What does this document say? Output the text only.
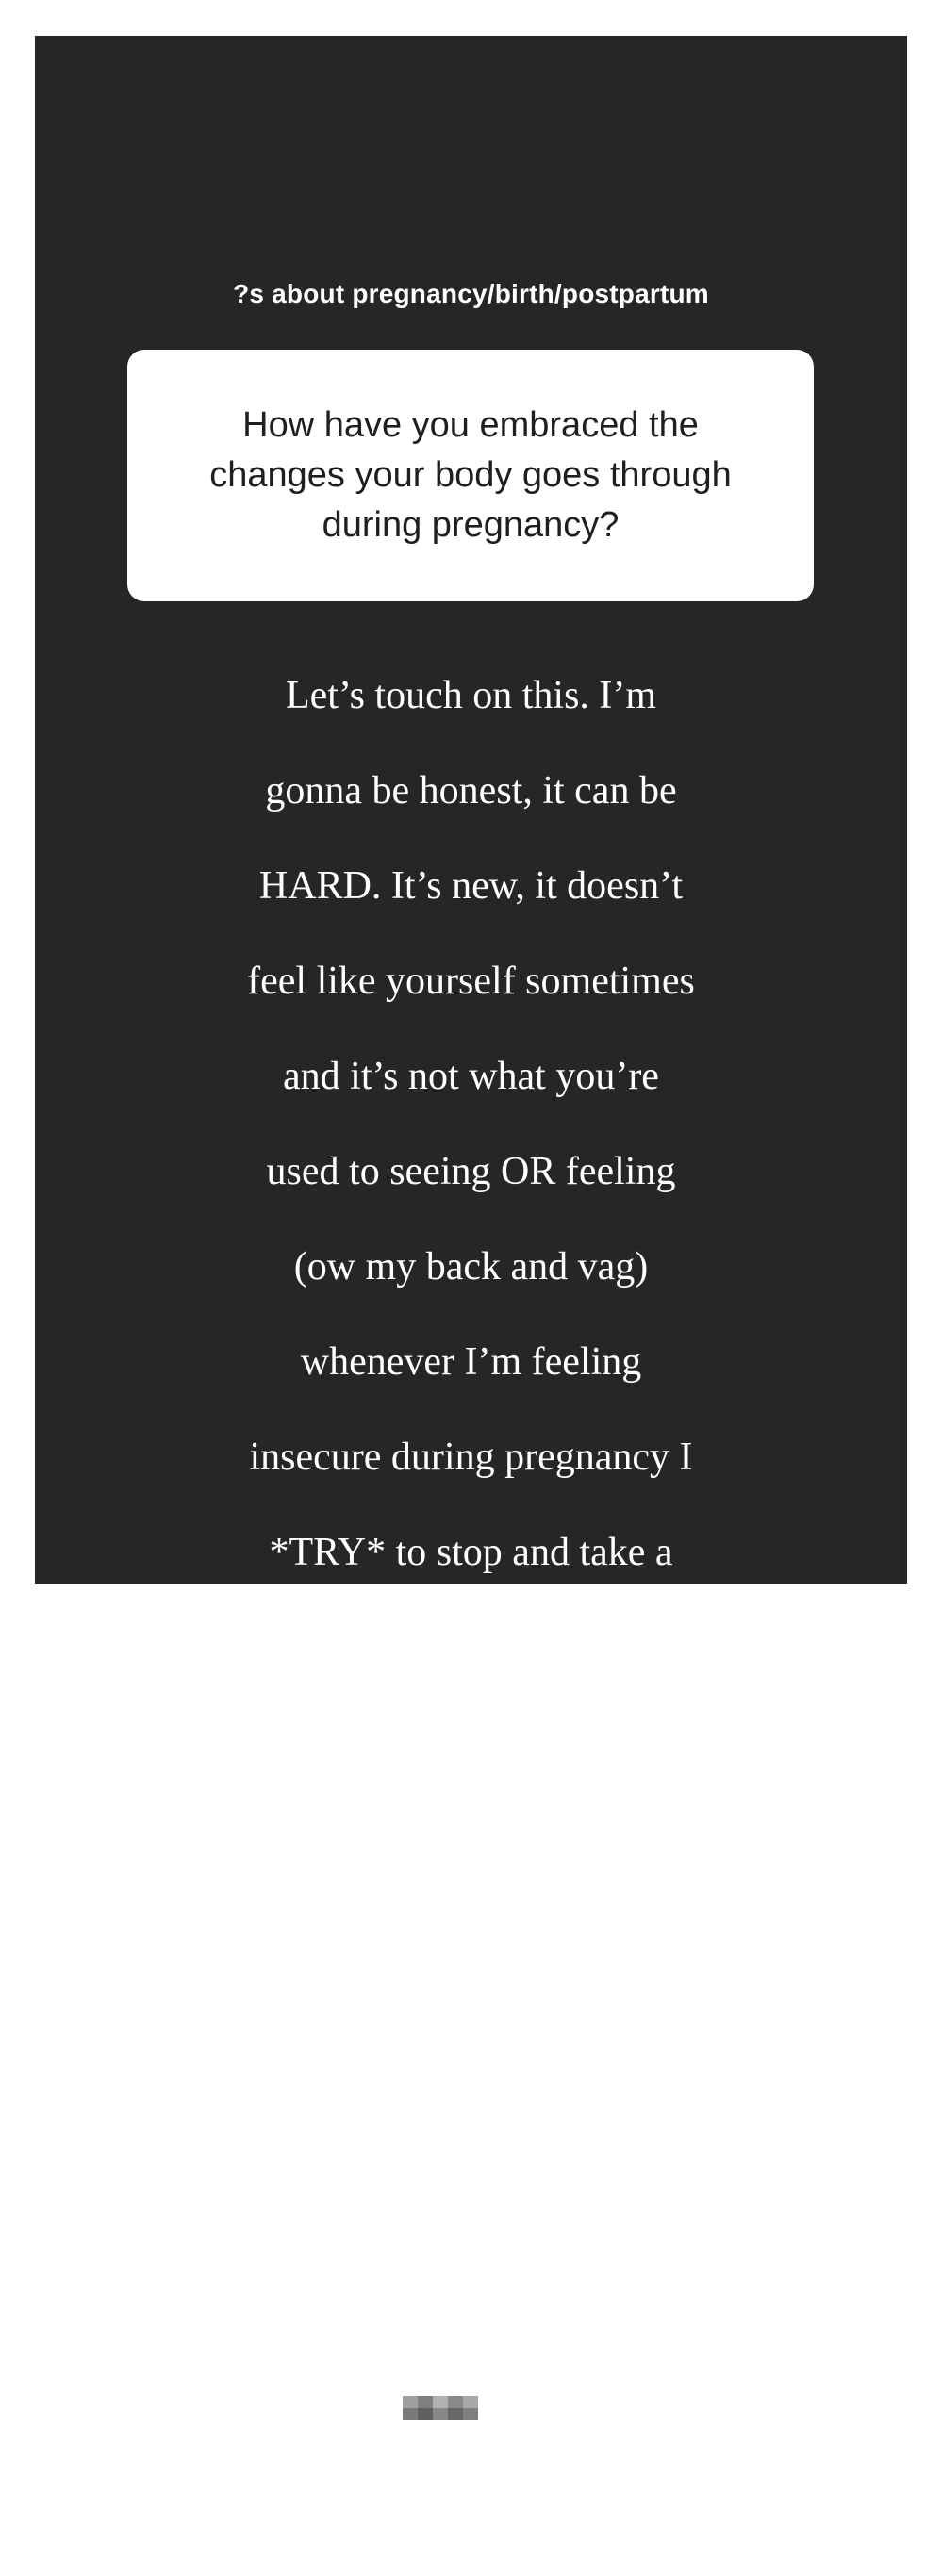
?s about pregnancy/birth/postpartum
How have you embraced the changes your body goes through during pregnancy?

Let’s touch on this. I’m

gonna be honest, it can be

HARD. It’s new, it doesn’t

feel like yourself sometimes

and it’s not what you’re

used to seeing OR feeling

(ow my back and vag)

whenever I’m feeling

insecure during pregnancy I

*TRY* to stop and take a

minute to remember to be

grateful to my body for

creating LIFE. 4 times for

me. That’s an incredible

thing! But I 1000% have

my moments of crying or

looking at myself being like

WOAH THESE BOOBS.

Or holy this belly is

huge
